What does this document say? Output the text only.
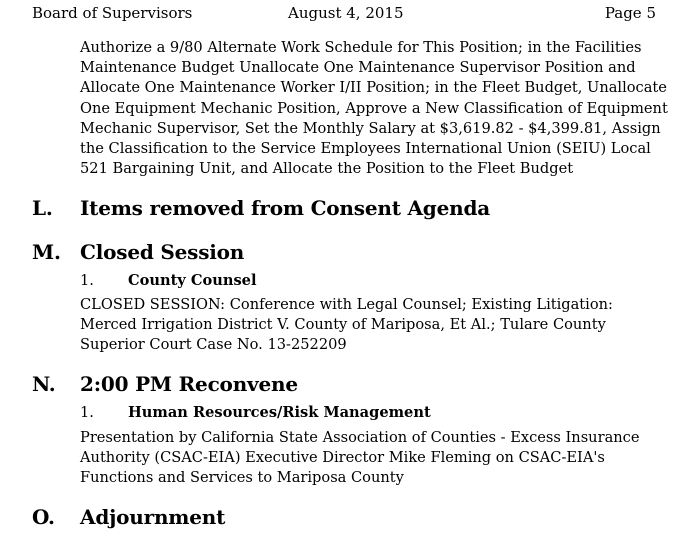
Board of Supervisors	August 4, 2015	Page 5
Authorize a 9/80 Alternate Work Schedule for This Position; in the Facilities Maintenance Budget Unallocate One Maintenance Supervisor Position and Allocate One Maintenance Worker I/II Position; in the Fleet Budget, Unallocate One Equipment Mechanic Position, Approve a New Classification of Equipment Mechanic Supervisor, Set the Monthly Salary at $3,619.82 - $4,399.81, Assign the Classification to the Service Employees International Union (SEIU) Local 521 Bargaining Unit, and Allocate the Position to the Fleet Budget
L. Items removed from Consent Agenda
M. Closed Session
1. County Counsel
CLOSED SESSION: Conference with Legal Counsel; Existing Litigation: Merced Irrigation District V. County of Mariposa, Et Al.; Tulare County Superior Court Case No. 13-252209
N. 2:00 PM Reconvene
1. Human Resources/Risk Management
Presentation by California State Association of Counties - Excess Insurance Authority (CSAC-EIA) Executive Director Mike Fleming on CSAC-EIA's Functions and Services to Mariposa County
O. Adjournment
